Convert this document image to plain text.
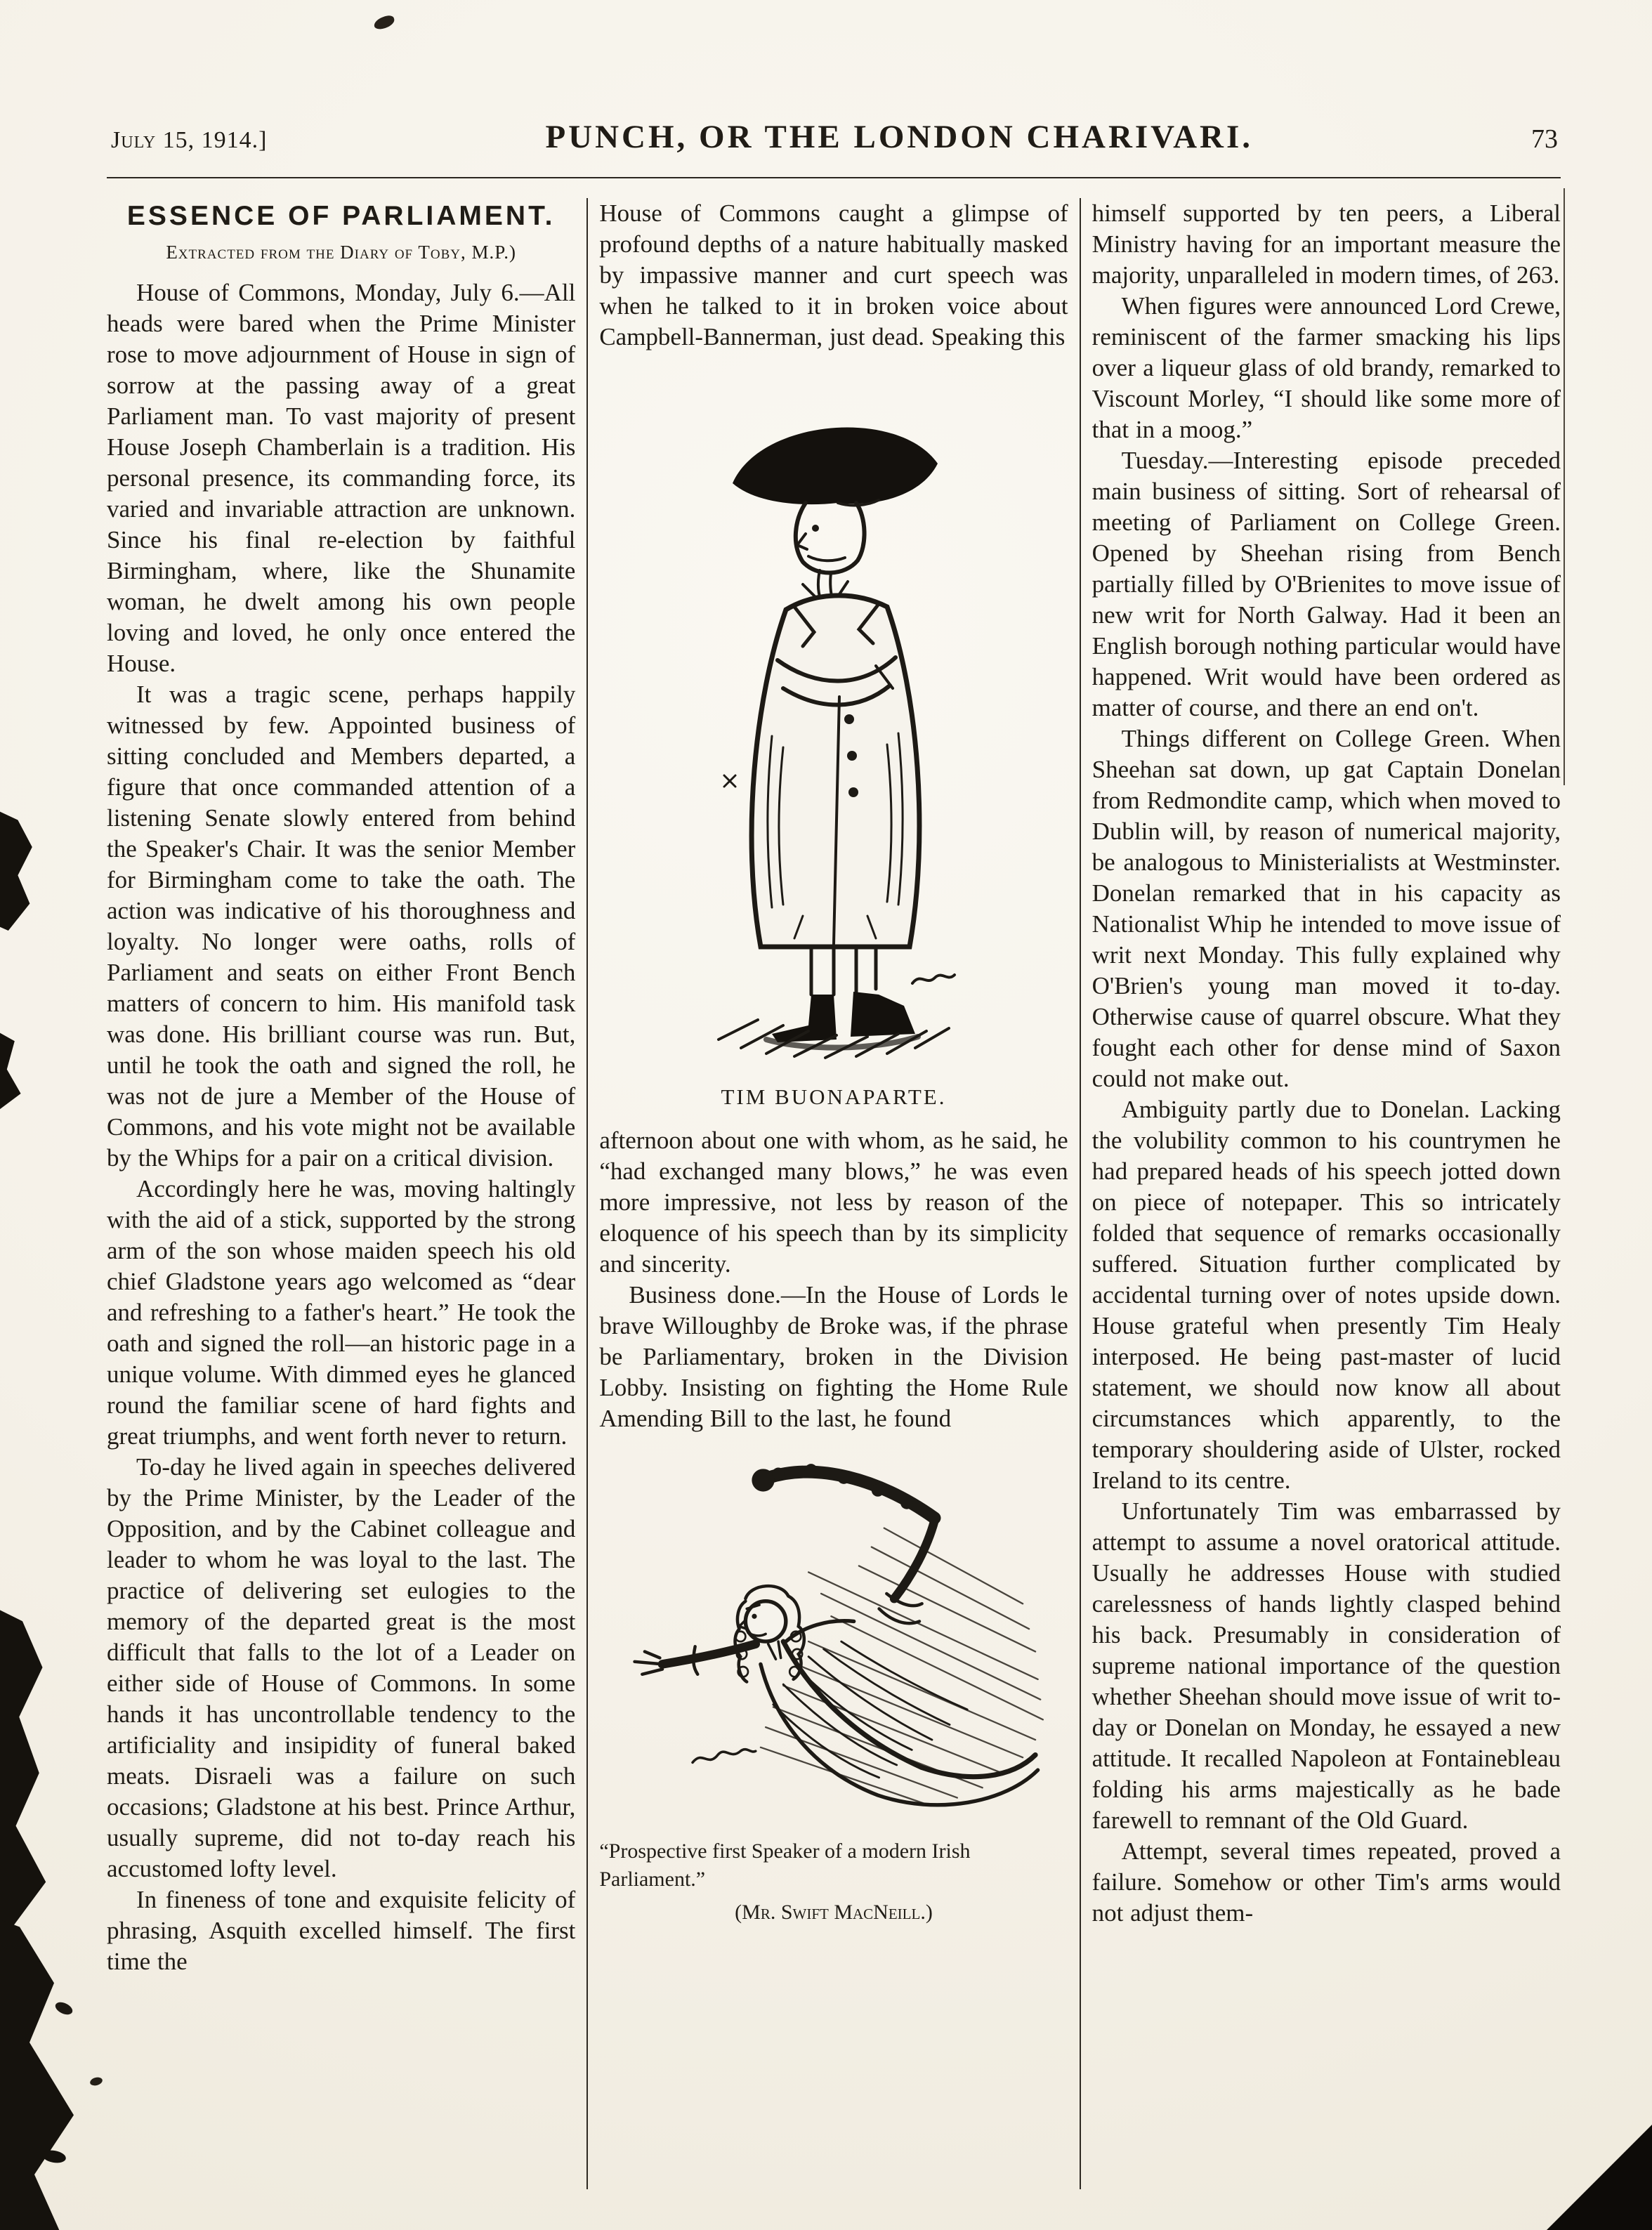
July 15, 1914.]	PUNCH, OR THE LONDON CHARIVARI.	73
ESSENCE OF PARLIAMENT.
Extracted from the Diary of Toby, M.P.)

House of Commons, Monday, July 6.—All heads were bared when the Prime Minister rose to move adjournment of House in sign of sorrow at the passing away of a great Parliament man. To vast majority of present House Joseph Chamberlain is a tradition. His personal presence, its commanding force, its varied and invariable attraction are unknown. Since his final re-election by faithful Birmingham, where, like the Shunamite woman, he dwelt among his own people loving and loved, he only once entered the House.

It was a tragic scene, perhaps happily witnessed by few. Appointed business of sitting concluded and Members departed, a figure that once commanded attention of a listening Senate slowly entered from behind the Speaker's Chair. It was the senior Member for Birmingham come to take the oath. The action was indicative of his thoroughness and loyalty. No longer were oaths, rolls of Parliament and seats on either Front Bench matters of concern to him. His manifold task was done. His brilliant course was run. But, until he took the oath and signed the roll, he was not de jure a Member of the House of Commons, and his vote might not be available by the Whips for a pair on a critical division.

Accordingly here he was, moving haltingly with the aid of a stick, supported by the strong arm of the son whose maiden speech his old chief Gladstone years ago welcomed as “dear and refreshing to a father's heart.” He took the oath and signed the roll—an historic page in a unique volume. With dimmed eyes he glanced round the familiar scene of hard fights and great triumphs, and went forth never to return.

To-day he lived again in speeches delivered by the Prime Minister, by the Leader of the Opposition, and by the Cabinet colleague and leader to whom he was loyal to the last. The practice of delivering set eulogies to the memory of the departed great is the most difficult that falls to the lot of a Leader on either side of House of Commons. In some hands it has uncontrollable tendency to the artificiality and insipidity of funeral baked meats. Disraeli was a failure on such occasions; Gladstone at his best. Prince Arthur, usually supreme, did not to-day reach his accustomed lofty level.

In fineness of tone and exquisite felicity of phrasing, Asquith excelled himself. The first time the

House of Commons caught a glimpse of profound depths of a nature habitually masked by impassive manner and curt speech was when he talked to it in broken voice about Campbell-Bannerman, just dead. Speaking this

TIM BUONAPARTE.

afternoon about one with whom, as he said, he “had exchanged many blows,” he was even more impressive, not less by reason of the eloquence of his speech than by its simplicity and sincerity.

Business done.—In the House of Lords le brave Willoughby de Broke was, if the phrase be Parliamentary, broken in the Division Lobby. Insisting on fighting the Home Rule Amending Bill to the last, he found

“Prospective first Speaker of a modern Irish Parliament.”
(Mr. Swift MacNeill.)

himself supported by ten peers, a Liberal Ministry having for an important measure the majority, unparalleled in modern times, of 263.

When figures were announced Lord Crewe, reminiscent of the farmer smacking his lips over a liqueur glass of old brandy, remarked to Viscount Morley, “I should like some more of that in a moog.”

Tuesday.—Interesting episode preceded main business of sitting. Sort of rehearsal of meeting of Parliament on College Green. Opened by Sheehan rising from Bench partially filled by O'Brienites to move issue of new writ for North Galway. Had it been an English borough nothing particular would have happened. Writ would have been ordered as matter of course, and there an end on't.

Things different on College Green. When Sheehan sat down, up gat Captain Donelan from Redmondite camp, which when moved to Dublin will, by reason of numerical majority, be analogous to Ministerialists at Westminster. Donelan remarked that in his capacity as Nationalist Whip he intended to move issue of writ next Monday. This fully explained why O'Brien's young man moved it to-day. Otherwise cause of quarrel obscure. What they fought each other for dense mind of Saxon could not make out.

Ambiguity partly due to Donelan. Lacking the volubility common to his countrymen he had prepared heads of his speech jotted down on piece of notepaper. This so intricately folded that sequence of remarks occasionally suffered. Situation further complicated by accidental turning over of notes upside down. House grateful when presently Tim Healy interposed. He being past-master of lucid statement, we should now know all about circumstances which apparently, to the temporary shouldering aside of Ulster, rocked Ireland to its centre.

Unfortunately Tim was embarrassed by attempt to assume a novel oratorical attitude. Usually he addresses House with studied carelessness of hands lightly clasped behind his back. Presumably in consideration of supreme national importance of the question whether Sheehan should move issue of writ to-day or Donelan on Monday, he essayed a new attitude. It recalled Napoleon at Fontainebleau folding his arms majestically as he bade farewell to remnant of the Old Guard.

Attempt, several times repeated, proved a failure. Somehow or other Tim's arms would not adjust them-
